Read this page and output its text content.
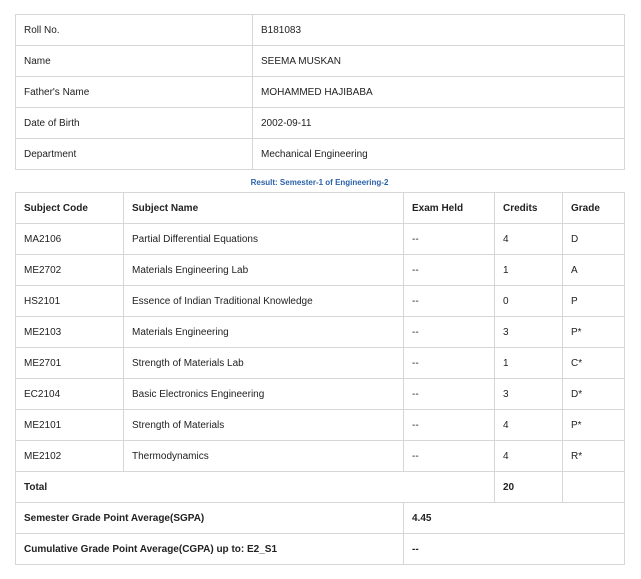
Roll No.	B181083
Name	SEEMA MUSKAN
Father's Name	MOHAMMED HAJIBABA
Date of Birth	2002-09-11
Department	Mechanical Engineering
Result: Semester-1 of Engineering-2
Subject Code	Subject Name	Exam Held	Credits	Grade
MA2106	Partial Differential Equations	--	4	D
ME2702	Materials Engineering Lab	--	1	A
HS2101	Essence of Indian Traditional Knowledge	--	0	P
ME2103	Materials Engineering	--	3	P*
ME2701	Strength of Materials Lab	--	1	C*
EC2104	Basic Electronics Engineering	--	3	D*
ME2101	Strength of Materials	--	4	P*
ME2102	Thermodynamics	--	4	R*
Total			20	
Semester Grade Point Average(SGPA)		4.45		
Cumulative Grade Point Average(CGPA) up to: E2_S1		--		
